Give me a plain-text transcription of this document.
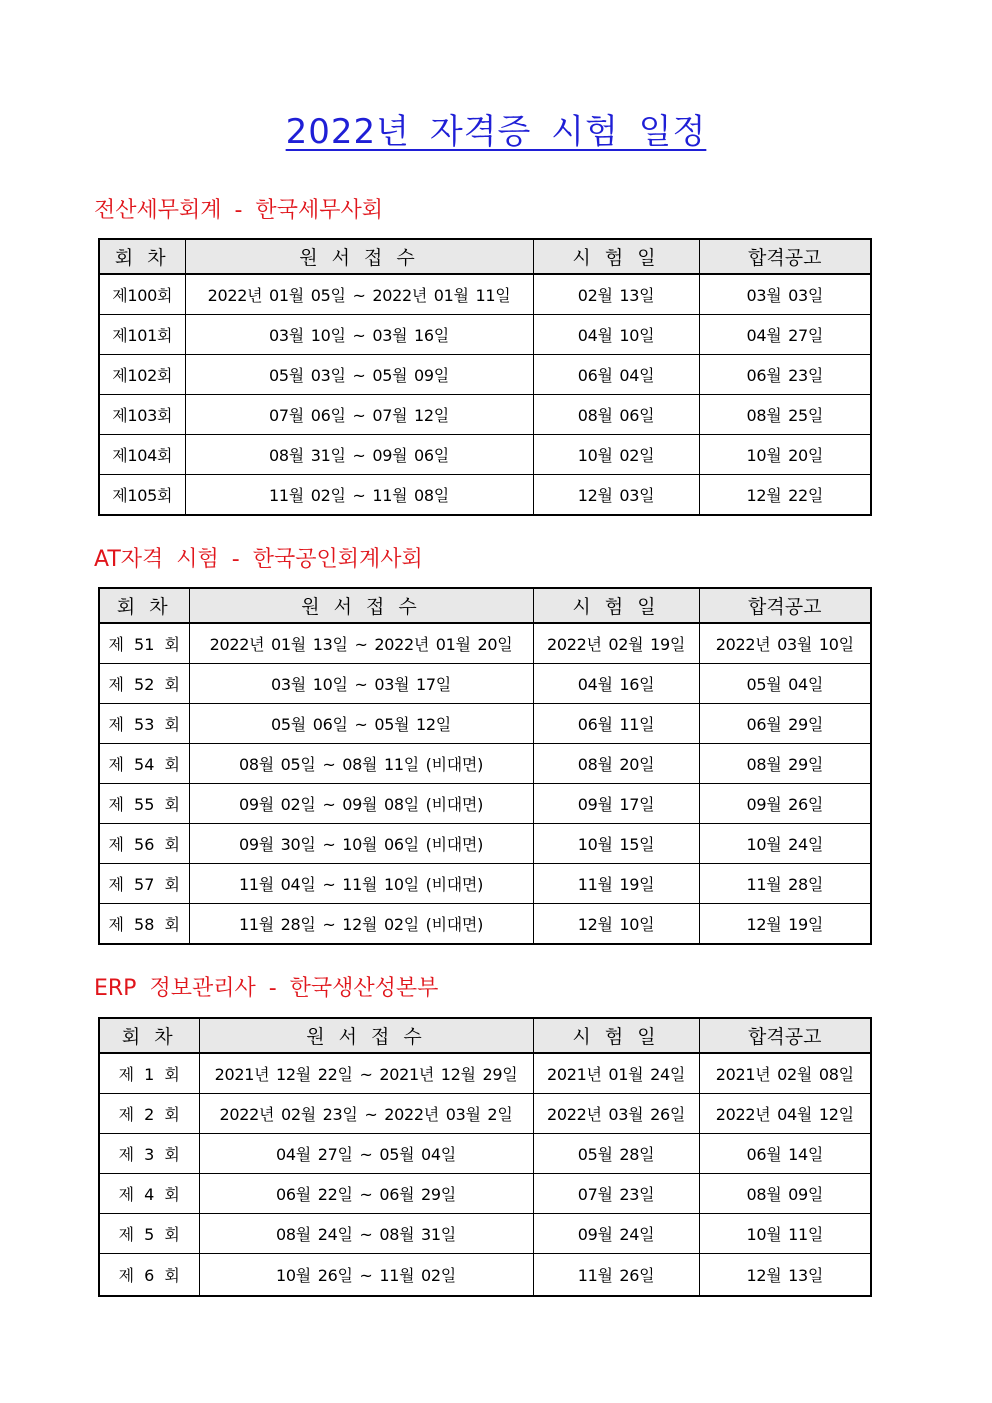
2022년 자격증 시험 일정
전산세무회계 - 한국세무사회
회 차	원 서 접 수	시 험 일	합격공고
제100회	2022년 01월 05일 ~ 2022년 01월 11일	02월 13일	03월 03일
제101회	03월 10일 ~ 03월 16일	04월 10일	04월 27일
제102회	05월 03일 ~ 05월 09일	06월 04일	06월 23일
제103회	07월 06일 ~ 07월 12일	08월 06일	08월 25일
제104회	08월 31일 ~ 09월 06일	10월 02일	10월 20일
제105회	11월 02일 ~ 11월 08일	12월 03일	12월 22일
AT자격 시험 - 한국공인회계사회
회 차	원 서 접 수	시 험 일	합격공고
제 51 회	2022년 01월 13일 ~ 2022년 01월 20일	2022년 02월 19일	2022년 03월 10일
제 52 회	03월 10일 ~ 03월 17일	04월 16일	05월 04일
제 53 회	05월 06일 ~ 05월 12일	06월 11일	06월 29일
제 54 회	08월 05일 ~ 08월 11일 (비대면)	08월 20일	08월 29일
제 55 회	09월 02일 ~ 09월 08일 (비대면)	09월 17일	09월 26일
제 56 회	09월 30일 ~ 10월 06일 (비대면)	10월 15일	10월 24일
제 57 회	11월 04일 ~ 11월 10일 (비대면)	11월 19일	11월 28일
제 58 회	11월 28일 ~ 12월 02일 (비대면)	12월 10일	12월 19일
ERP 정보관리사 - 한국생산성본부
회 차	원 서 접 수	시 험 일	합격공고
제 1 회	2021년 12월 22일 ~ 2021년 12월 29일	2021년 01월 24일	2021년 02월 08일
제 2 회	2022년 02월 23일 ~ 2022년 03월 2일	2022년 03월 26일	2022년 04월 12일
제 3 회	04월 27일 ~ 05월 04일	05월 28일	06월 14일
제 4 회	06월 22일 ~ 06월 29일	07월 23일	08월 09일
제 5 회	08월 24일 ~ 08월 31일	09월 24일	10월 11일
제 6 회	10월 26일 ~ 11월 02일	11월 26일	12월 13일
